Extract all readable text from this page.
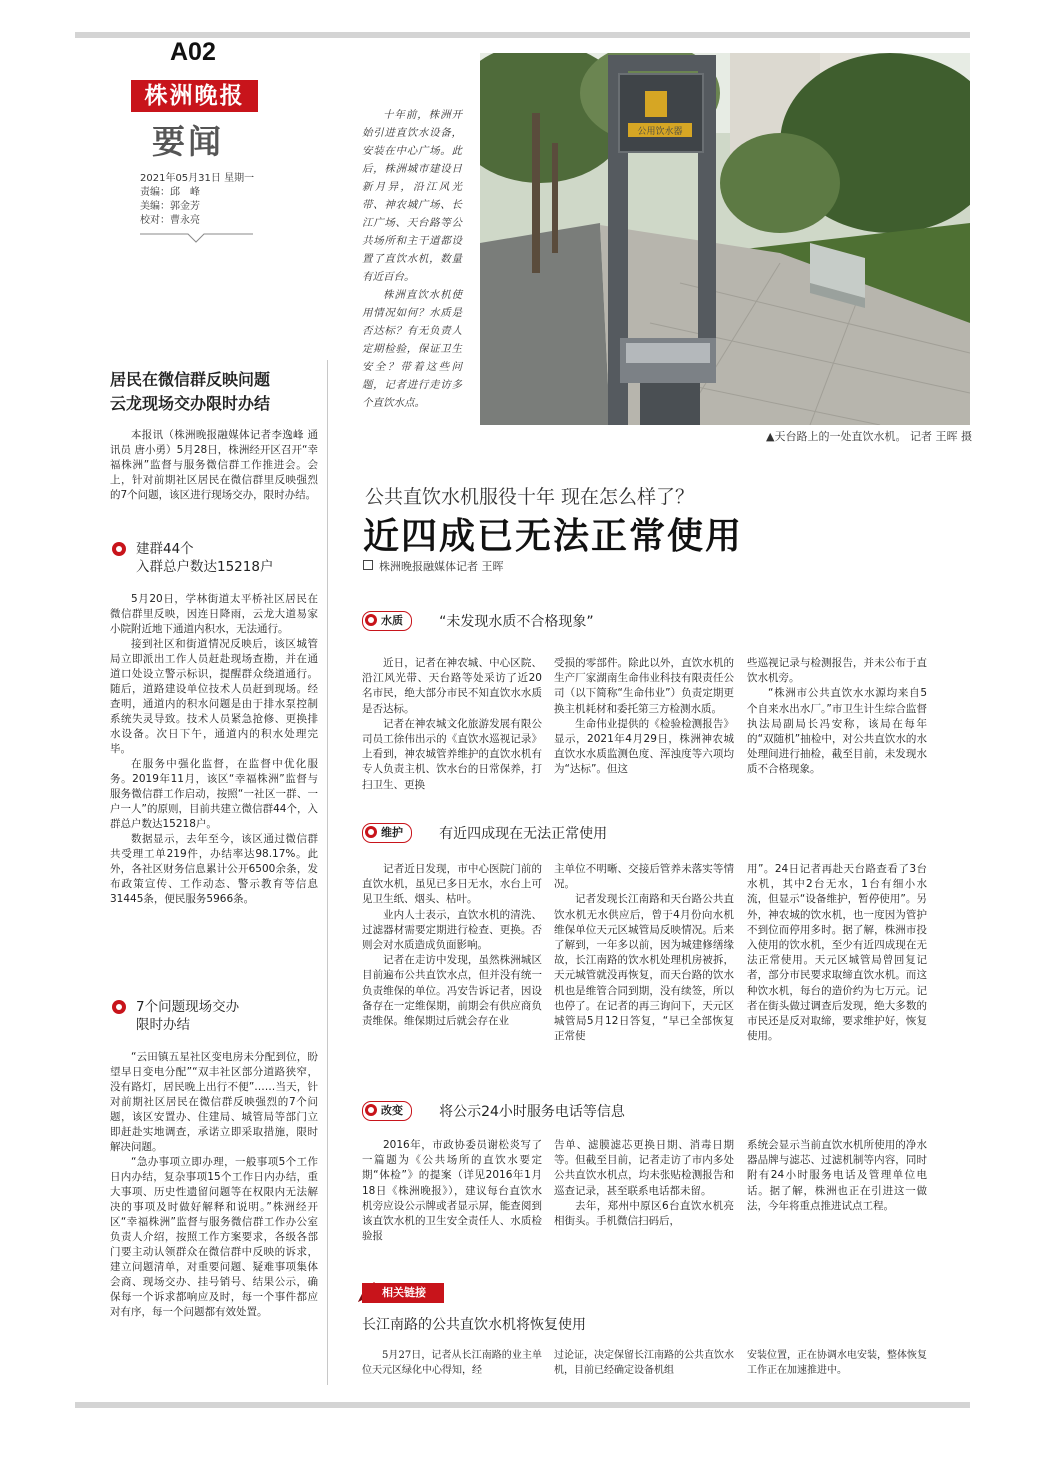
A02
株洲晚报
要闻
2021年05月31日 星期一
责编：邱　峰
美编：郭金芳
校对：曹永亮

十年前，株洲开始引进直饮水设备，安装在中心广场。此后，株洲城市建设日新月异，沿江风光带、神农城广场、长江广场、天台路等公共场所和主干道都设置了直饮水机，数量有近百台。

株洲直饮水机使用情况如何？水质是否达标？有无负责人定期检验，保证卫生安全？带着这些问题，记者进行走访多个直饮水点。

公用饮水器
▲天台路上的一处直饮水机。 记者 王晖 摄
居民在微信群反映问题
云龙现场交办限时办结

本报讯（株洲晚报融媒体记者李逸峰 通讯员 唐小勇）5月28日，株洲经开区召开“幸福株洲”监督与服务微信群工作推进会。会上，针对前期社区居民在微信群里反映强烈的7个问题，该区进行现场交办，限时办结。

建群44个
入群总户数达15218户

5月20日，学林街道太平桥社区居民在微信群里反映，因连日降雨，云龙大道易家小院附近地下通道内积水，无法通行。

接到社区和街道情况反映后，该区城管局立即派出工作人员赶赴现场查勘，并在通道口处设立警示标识，提醒群众绕道通行。随后，道路建设单位技术人员赶到现场。经查明，通道内的积水问题是由于排水泵控制系统失灵导致。技术人员紧急抢修、更换排水设备。次日下午，通道内的积水处理完毕。

在服务中强化监督，在监督中优化服务。2019年11月，该区“幸福株洲”监督与服务微信群工作启动，按照“一社区一群、一户一人”的原则，目前共建立微信群44个，入群总户数达15218户。

数据显示，去年至今，该区通过微信群共受理工单219件，办结率达98.17%。此外，各社区财务信息累计公开6500余条，发布政策宣传、工作动态、警示教育等信息31445条，便民服务5966条。

7个问题现场交办
限时办结

“云田镇五星社区变电房未分配到位，盼望早日变电分配”“双丰社区部分道路狭窄，没有路灯，居民晚上出行不便”……当天，针对前期社区居民在微信群反映强烈的7个问题，该区安置办、住建局、城管局等部门立即赶赴实地调查，承诺立即采取措施，限时解决问题。

“急办事项立即办理，一般事项5个工作日内办结，复杂事项15个工作日内办结，重大事项、历史性遗留问题等在权限内无法解决的事项及时做好解释和说明。”株洲经开区“幸福株洲”监督与服务微信群工作办公室负责人介绍，按照工作方案要求，各级各部门要主动认领群众在微信群中反映的诉求，建立问题清单，对重要问题、疑难事项集体会商、现场交办、挂号销号、结果公示，确保每一个诉求都响应及时，每一个事件都应对有序，每一个问题都有效处置。

公共直饮水机服役十年 现在怎么样了？
近四成已无法正常使用
株洲晚报融媒体记者 王晖
水质	“未发现水质不合格现象”

近日，记者在神农城、中心区院、沿江风光带、天台路等处采访了近20名市民，绝大部分市民不知直饮水水质是否达标。

记者在神农城文化旅游发展有限公司员工徐伟出示的《直饮水巡视记录》上看到，神农城管养维护的直饮水机有专人负责主机、饮水台的日常保养，打扫卫生、更换

受损的零部件。除此以外，直饮水机的生产厂家湖南生命伟业科技有限责任公司（以下简称“生命伟业”）负责定期更换主机耗材和委托第三方检测水质。

生命伟业提供的《检验检测报告》显示，2021年4月29日，株洲神农城直饮水水质监测色度、浑浊度等六项均为“达标”。但这

些巡视记录与检测报告，并未公布于直饮水机旁。

“株洲市公共直饮水水源均来自5个自来水出水厂。”市卫生计生综合监督执法局副局长冯安称，该局在每年的“双随机”抽检中，对公共直饮水的水处理间进行抽检，截至目前，未发现水质不合格现象。

维护	有近四成现在无法正常使用

记者近日发现，市中心医院门前的直饮水机，虽见已多日无水，水台上可见卫生纸、烟头、枯叶。

业内人士表示，直饮水机的清洗、过滤器材需要定期进行检查、更换。否则会对水质造成负面影响。

记者在走访中发现，虽然株洲城区目前遍布公共直饮水点，但并没有统一负责维保的单位。冯安告诉记者，因设备存在一定维保期，前期会有供应商负责维保。维保期过后就会存在业

主单位不明晰、交接后管养未落实等情况。

记者发现长江南路和天台路公共直饮水机无水供应后，曾于4月份向水机维保单位天元区城管局反映情况。后来了解到，一年多以前，因为城建修缮缘故，长江南路的饮水机处理机房被拆，天元城管就没再恢复，而天台路的饮水机也是维管合同到期，没有续签，所以也停了。在记者的再三询问下，天元区城管局5月12日答复，“早已全部恢复正常使

用”。24日记者再赴天台路查看了3台水机，其中2台无水，1台有细小水流，但显示“设备维护，暂停使用”。另外，神农城的饮水机，也一度因为管护不到位而停用多时。据了解，株洲市投入使用的饮水机，至少有近四成现在无法正常使用。天元区城管局曾回复记者，部分市民要求取缔直饮水机。而这种饮水机，每台的造价约为七万元。记者在街头做过调查后发现，绝大多数的市民还是反对取缔，要求维护好，恢复使用。

改变	将公示24小时服务电话等信息

2016年，市政协委员谢松炎写了一篇题为《公共场所的直饮水要定期“体检”》的提案（详见2016年1月18日《株洲晚报》），建议每台直饮水机旁应设公示牌或者显示屏，能查阅到该直饮水机的卫生安全责任人、水质检验报

告单、滤膜滤芯更换日期、消毒日期等。但截至目前，记者走访了市内多处公共直饮水机点，均未张贴检测报告和巡查记录，甚至联系电话都未留。

去年，郑州中原区6台直饮水机亮相街头。手机微信扫码后，

系统会显示当前直饮水机所使用的净水器品牌与滤芯、过滤机制等内容，同时附有24小时服务电话及管理单位电话。据了解，株洲也正在引进这一做法，今年将重点推进试点工程。

相关链接
长江南路的公共直饮水机将恢复使用

5月27日，记者从长江南路的业主单位天元区绿化中心得知，经

过论证，决定保留长江南路的公共直饮水机，目前已经确定设备机组

安装位置，正在协调水电安装，整体恢复工作正在加速推进中。
